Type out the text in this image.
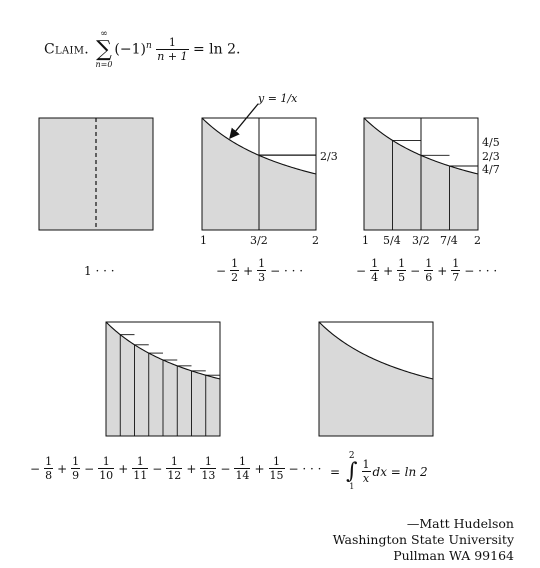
Claim.
∞
∑
n=0
$(-1)^n \frac{1}{n + 1} = \ln 2$.
y = 1/x
2/3
1	3/2	2
4/5
2/3
4/7
1 5/4 3/2 7/4 2
1 · · ·	− $\frac{1}{2} + \frac{1}{3}$ − · · ·	− $\frac{1}{4} + \frac{1}{5} - \frac{1}{6} + \frac{1}{7}$ − · · ·
− $\frac{1}{8} + \frac{1}{9} - \frac{1}{10} + \frac{1}{11} - \frac{1}{12} + \frac{1}{13} - \frac{1}{14} + \frac{1}{15}$ − · · · =
2
∫
1
$\frac{1}{x}$ dx = ln 2
—Matt Hudelson
Washington State University
Pullman WA 99164
